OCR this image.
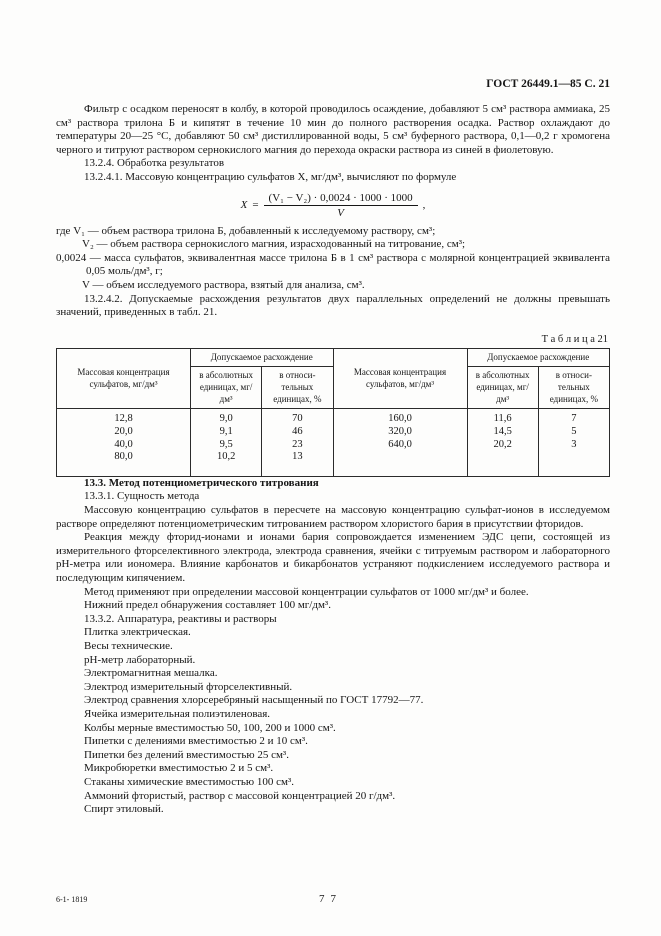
ГОСТ 26449.1—85 С. 21

Фильтр с осадком переносят в колбу, в которой проводилось осаждение, добавляют 5 см³ раствора аммиака, 25 см³ раствора трилона Б и кипятят в течение 10 мин до полного растворения осадка. Раствор охлаждают до температуры 20—25 °С, добавляют 50 см³ дистиллированной воды, 5 см³ буферного раствора, 0,1—0,2 г хромогена черного и титруют раствором сернокислого магния до перехода окраски раствора из синей в фиолетовую.

13.2.4. Обработка результатов

13.2.4.1. Массовую концентрацию сульфатов X, мг/дм³, вычисляют по формуле

$X = \frac{\text{(V₁ − V₂) · 0,0024 · 1000 · 1000}}{V}$ ,

где V₁ — объем раствора трилона Б, добавленный к исследуемому раствору, см³;

V₂ — объем раствора сернокислого магния, израсходованный на титрование, см³;

0,0024 — масса сульфатов, эквивалентная массе трилона Б в 1 см³ раствора с молярной концентрацией эквивалента 0,05 моль/дм³, г;

V — объем исследуемого раствора, взятый для анализа, см³.

13.2.4.2. Допускаемые расхождения результатов двух параллельных определений не должны превышать значений, приведенных в табл. 21.

Т а б л и ц а 21
Массовая концентрация сульфатов, мг/дм³	Допускаемое расхождение		Массовая концентрация сульфатов, мг/дм³	Допускаемое расхождение	
	в абсолютных единицах, мг/дм³	в относительных единицах, %		в абсолютных единицах, мг/дм³	в относительных единицах, %
12,8	9,0	70	160,0	11,6	7
20,0	9,1	46	320,0	14,5	5
40,0	9,5	23	640,0	20,2	3
80,0	10,2	13			

13.3. Метод потенциометрического титрования

13.3.1. Сущность метода

Массовую концентрацию сульфатов в пересчете на массовую концентрацию сульфат-ионов в исследуемом растворе определяют потенциометрическим титрованием раствором хлористого бария в присутствии фторидов.

Реакция между фторид-ионами и ионами бария сопровождается изменением ЭДС цепи, состоящей из измерительного фторселективного электрода, электрода сравнения, ячейки с титруемым раствором и лабораторного рН-метра или иономера. Влияние карбонатов и бикарбонатов устраняют подкислением исследуемого раствора и последующим кипячением.

Метод применяют при определении массовой концентрации сульфатов от 1000 мг/дм³ и более.

Нижний предел обнаружения составляет 100 мг/дм³.

13.3.2. Аппаратура, реактивы и растворы

Плитка электрическая.

Весы технические.

рН-метр лабораторный.

Электромагнитная мешалка.

Электрод измерительный фторселективный.

Электрод сравнения хлорсеребряный насыщенный по ГОСТ 17792—77.

Ячейка измерительная полиэтиленовая.

Колбы мерные вместимостью 50, 100, 200 и 1000 см³.

Пипетки с делениями вместимостью 2 и 10 см³.

Пипетки без делений вместимостью 25 см³.

Микробюретки вместимостью 2 и 5 см³.

Стаканы химические вместимостью 100 см³.

Аммоний фтористый, раствор с массовой концентрацией 20 г/дм³.

Спирт этиловый.

6-1- 1819	77
